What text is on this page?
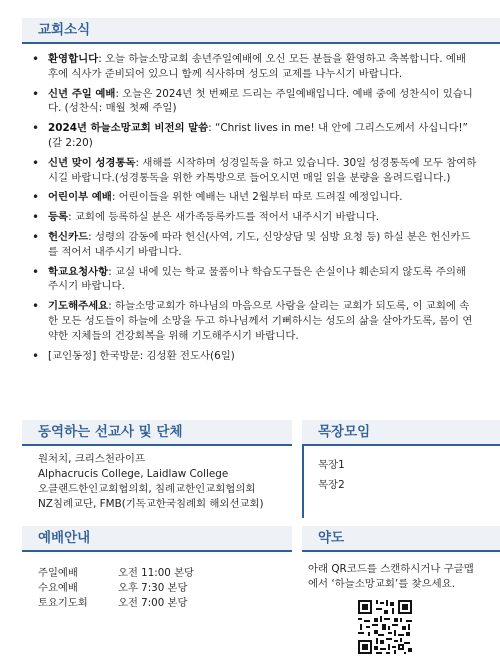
교회소식
• 환영합니다: 오늘 하늘소망교회 송년주일예배에 오신 모든 분들을 환영하고 축복합니다. 예배 후에 식사가 준비되어 있으니 함께 식사하며 성도의 교제를 나누시기 바랍니다.
• 신년 주일 예배: 오늘은 2024년 첫 번째로 드리는 주일예배입니다. 예배 중에 성찬식이 있습니다. (성찬식: 매월 첫째 주일)
• 2024년 하늘소망교회 비전의 말씀: “Christ lives in me! 내 안에 그리스도께서 사십니다!” (갈 2:20)
• 신년 맞이 성경통독: 새해를 시작하며 성경일독을 하고 있습니다. 30일 성경통독에 모두 참여하시길 바랍니다.(성경통독을 위한 카톡방으로 들어오시면 매일 읽을 분량을 올려드립니다.)
• 어린이부 예배: 어린이들을 위한 예배는 내년 2월부터 따로 드려질 예정입니다.
• 등록: 교회에 등록하실 분은 새가족등록카드를 적어서 내주시기 바랍니다.
• 헌신카드: 성령의 감동에 따라 헌신(사역, 기도, 신앙상담 및 심방 요청 등) 하실 분은 헌신카드를 적어서 내주시기 바랍니다.
• 학교요청사항: 교실 내에 있는 학교 물품이나 학습도구들은 손실이나 훼손되지 않도록 주의해 주시기 바랍니다.
• 기도해주세요: 하늘소망교회가 하나님의 마음으로 사람을 살리는 교회가 되도록, 이 교회에 속한 모든 성도들이 하늘에 소망을 두고 하나님께서 기뻐하시는 성도의 삶을 살아가도록, 몸이 연약한 지체들의 건강회복을 위해 기도해주시기 바랍니다.
• [교인동정] 한국방문: 김성환 전도사(6일)
동역하는 선교사 및 단체
원처치, 크리스천라이프
Alphacrucis College, Laidlaw College
오클랜드한인교회협의회, 침례교한인교회협의회
NZ침례교단, FMB(기독교한국침례회 해외선교회)
목장모임
목장1
목장2
예배안내
주일예배	오전 11:00 본당
수요예배	오후 7:30 본당
토요기도회	오전 7:00 본당
약도
아래 QR코드를 스캔하시거나 구글맵
에서 ‘하늘소망교회’를 찾으세요.
